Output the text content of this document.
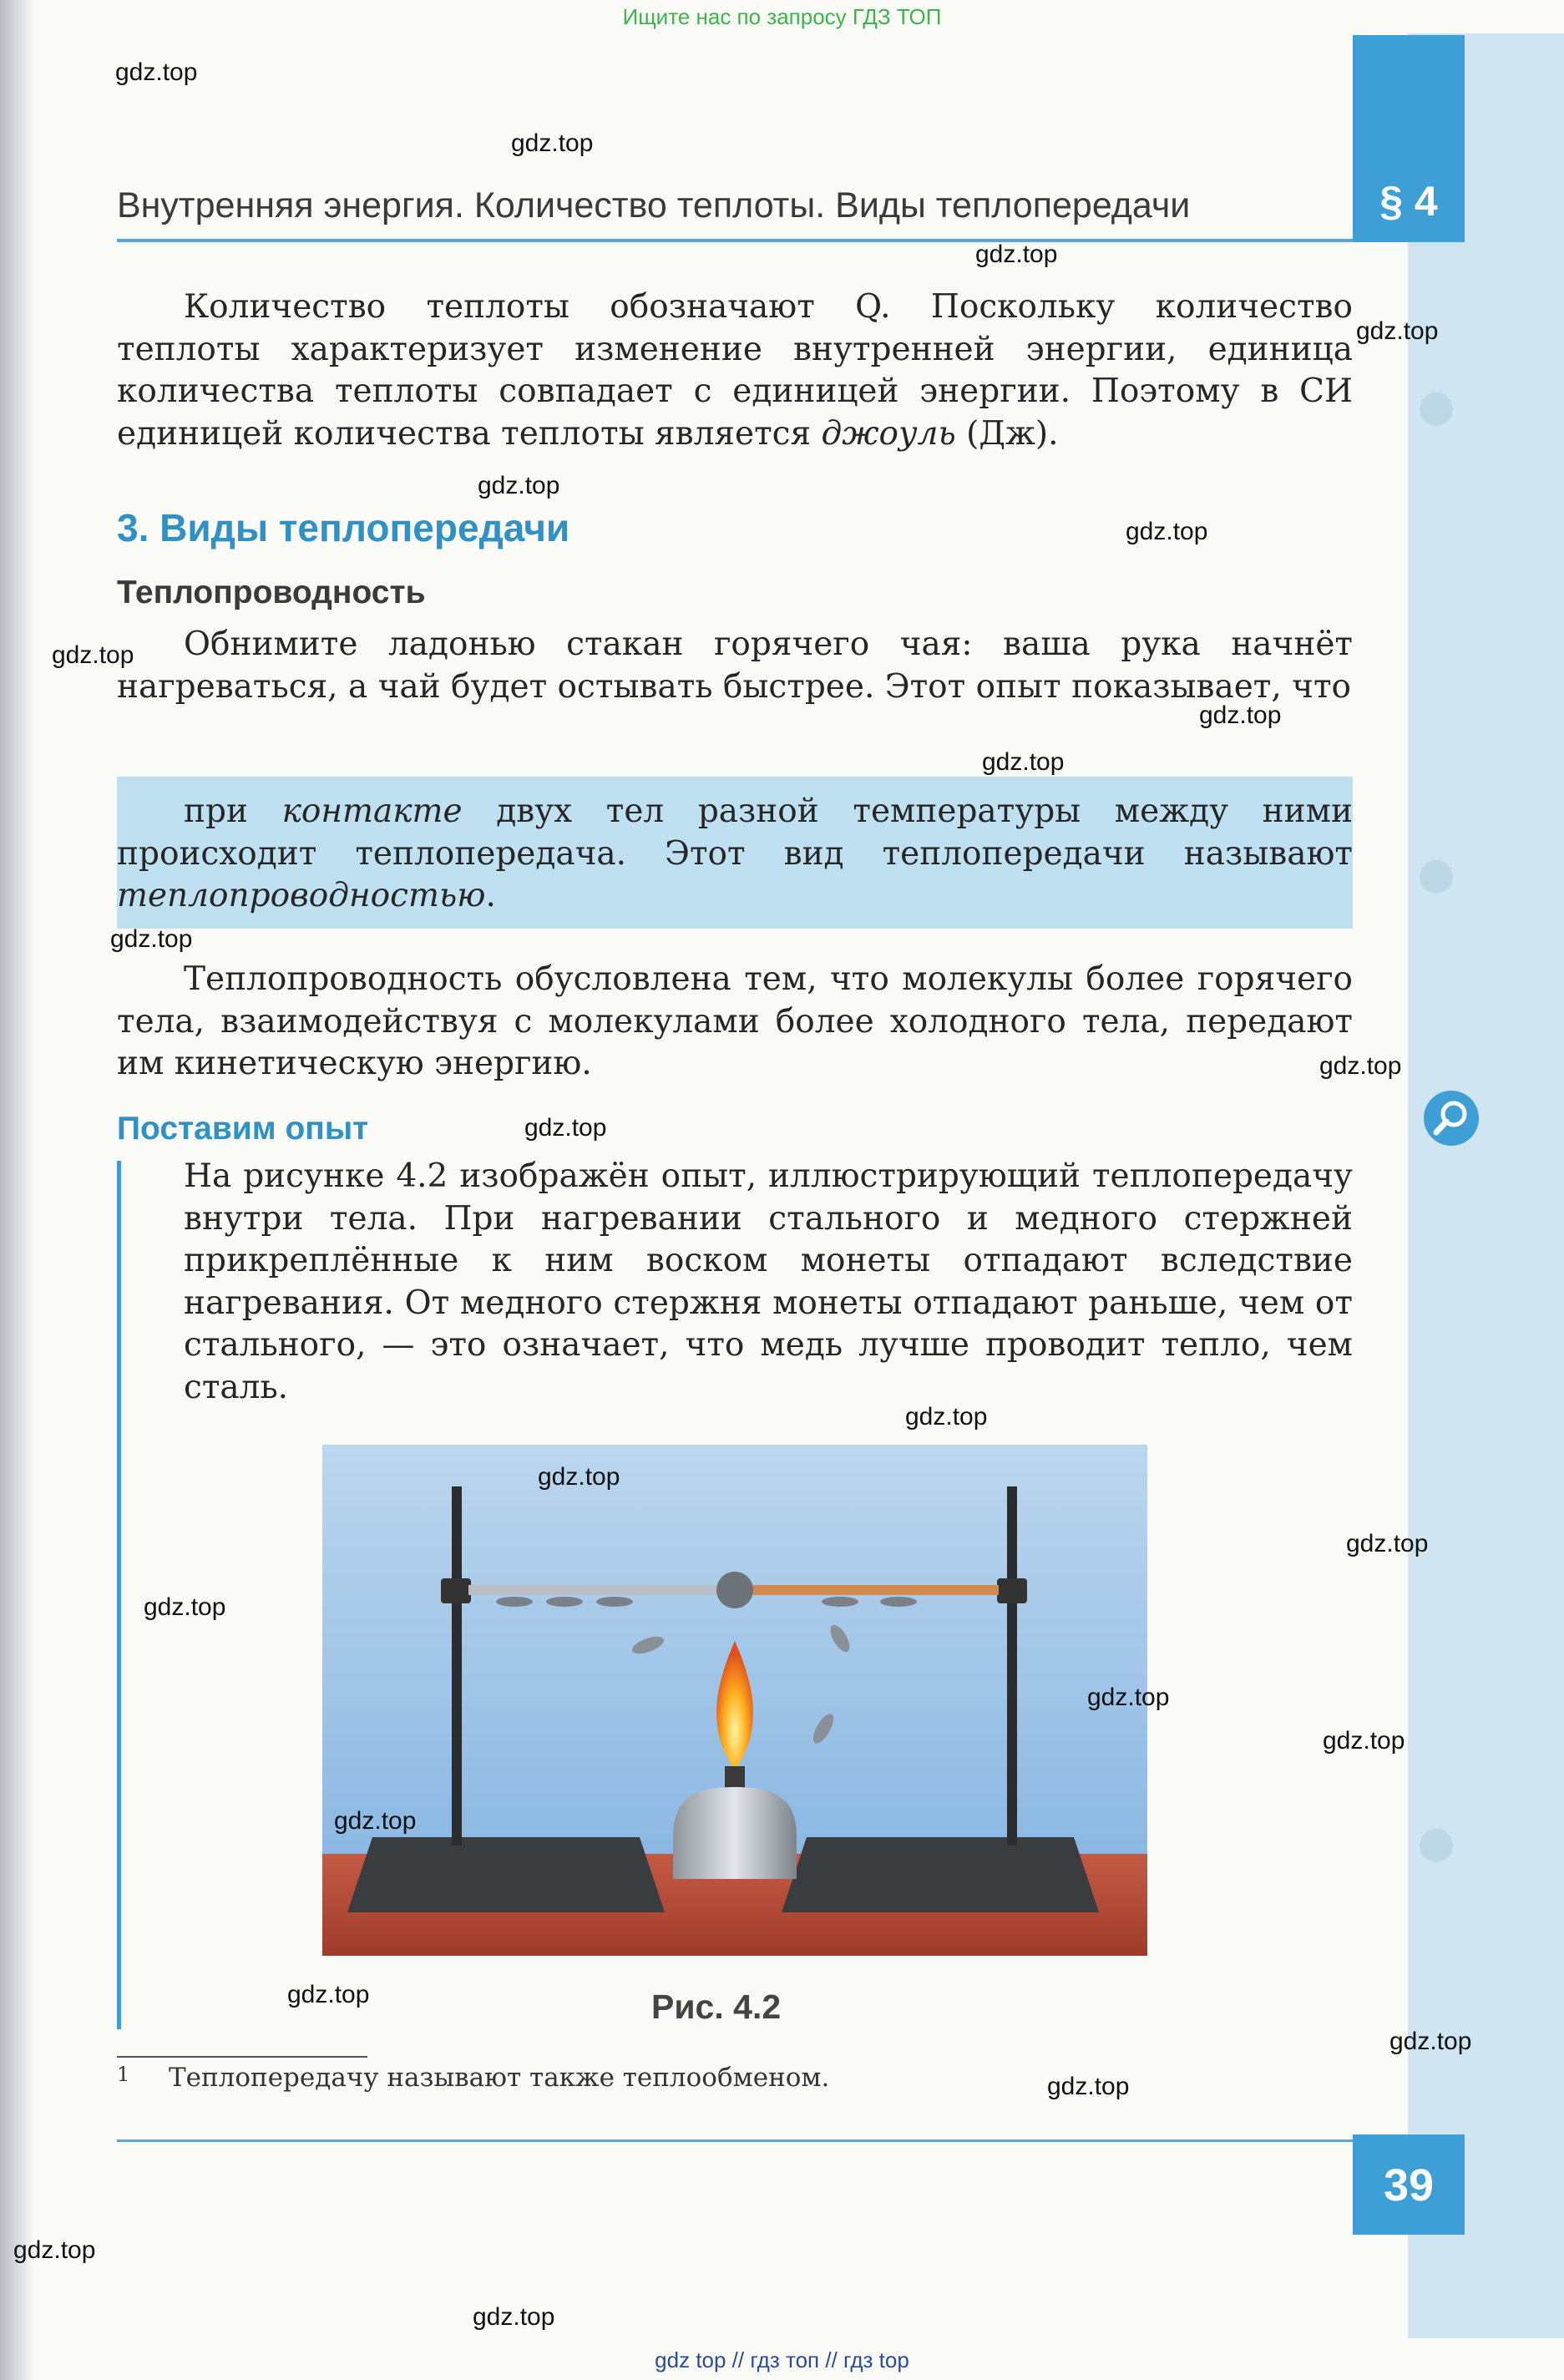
Ищите нас по запросу ГДЗ ТОП
§ 4
Внутренняя энергия. Количество теплоты. Виды теплопередачи
Количество теплоты обозначают Q. Поскольку количество теплоты характеризует изменение внутренней энергии, единица количества теплоты совпадает с единицей энергии. Поэтому в СИ единицей количества теплоты является джоуль (Дж).
3. Виды теплопередачи
Теплопроводность
Обнимите ладонью стакан горячего чая: ваша рука начнёт нагреваться, а чай будет остывать быстрее. Этот опыт показывает, что
при контакте двух тел разной температуры между ними происходит теплопередача. Этот вид теплопередачи называют теплопроводностью.
Теплопроводность обусловлена тем, что молекулы более горячего тела, взаимодействуя с молекулами более холодного тела, передают им кинетическую энергию.
Поставим опыт
На рисунке 4.2 изображён опыт, иллюстрирующий теплопередачу внутри тела. При нагревании стального и медного стержней прикреплённые к ним воском монеты отпадают вследствие нагревания. От медного стержня монеты отпадают раньше, чем от стального, — это означает, что медь лучше проводит тепло, чем сталь.
Рис. 4.2
1 Теплопередачу называют также теплообменом.
39
gdz top // гдз топ // гдз top
gdz.top
gdz.top
gdz.top
gdz.top
gdz.top
gdz.top
gdz.top
gdz.top
gdz.top
gdz.top
gdz.top
gdz.top
gdz.top
gdz.top
gdz.top
gdz.top
gdz.top
gdz.top
gdz.top
gdz.top
gdz.top
gdz.top
gdz.top
gdz.top
